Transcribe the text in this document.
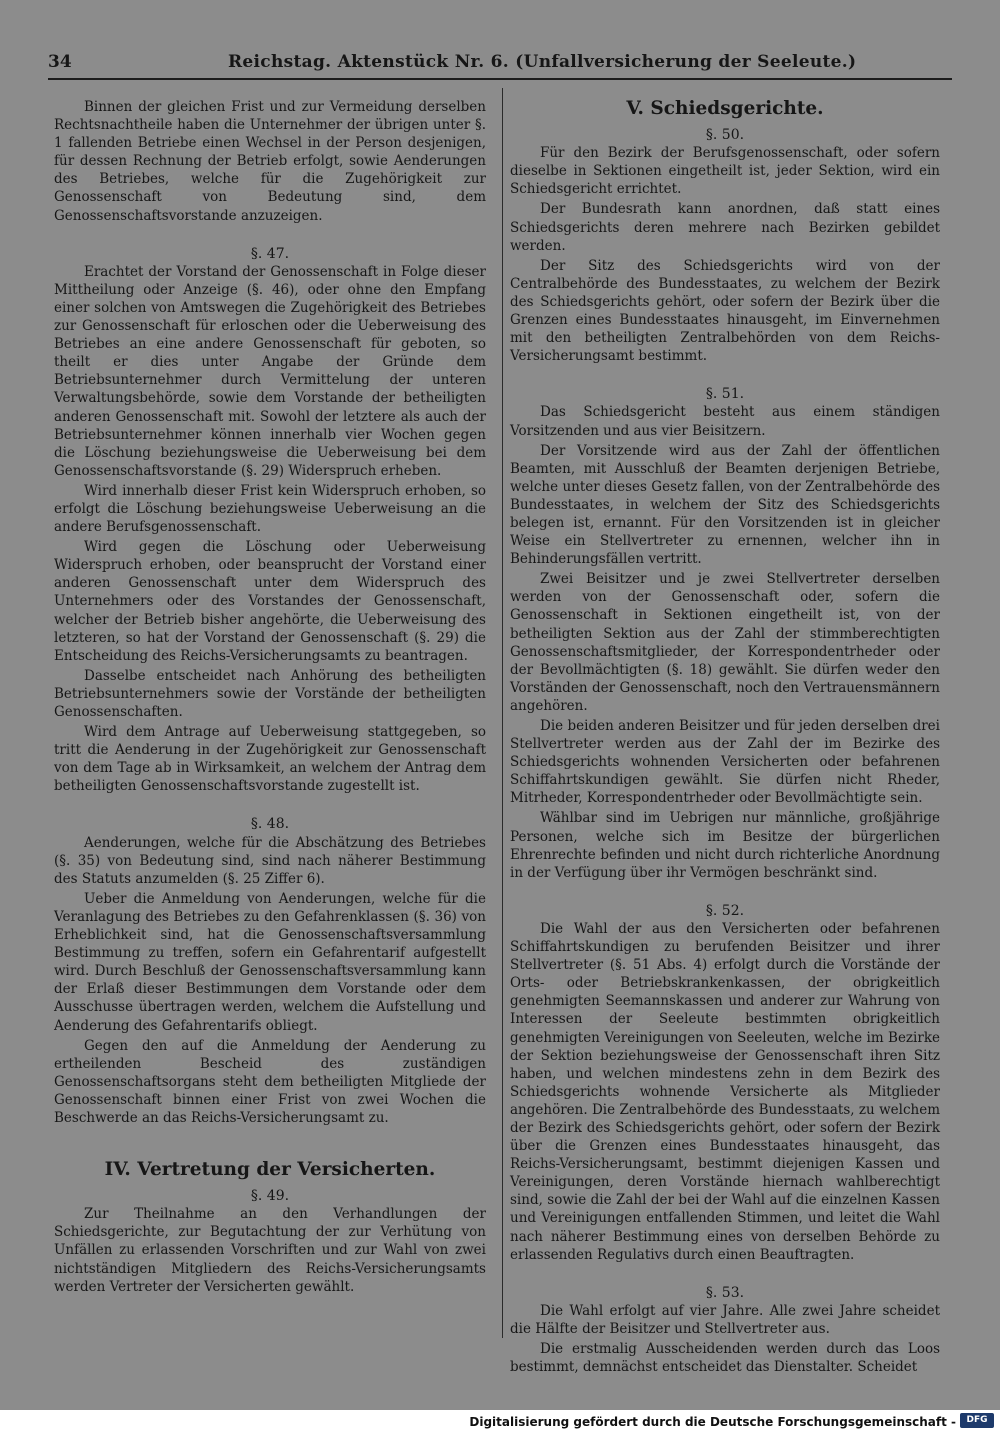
34	Reichstag. Aktenstück Nr. 6. (Unfallversicherung der Seeleute.)

Binnen der gleichen Frist und zur Vermeidung derselben Rechtsnachtheile haben die Unternehmer der übrigen unter §. 1 fallenden Betriebe einen Wechsel in der Person desjenigen, für dessen Rechnung der Betrieb erfolgt, sowie Aenderungen des Betriebes, welche für die Zugehörigkeit zur Genossenschaft von Bedeutung sind, dem Genossenschaftsvorstande anzuzeigen.

§. 47.

Erachtet der Vorstand der Genossenschaft in Folge dieser Mittheilung oder Anzeige (§. 46), oder ohne den Empfang einer solchen von Amtswegen die Zugehörigkeit des Betriebes zur Genossenschaft für erloschen oder die Ueberweisung des Betriebes an eine andere Genossenschaft für geboten, so theilt er dies unter Angabe der Gründe dem Betriebsunternehmer durch Vermittelung der unteren Verwaltungsbehörde, sowie dem Vorstande der betheiligten anderen Genossenschaft mit. Sowohl der letztere als auch der Betriebsunternehmer können innerhalb vier Wochen gegen die Löschung beziehungsweise die Ueberweisung bei dem Genossenschaftsvorstande (§. 29) Widerspruch erheben.

Wird innerhalb dieser Frist kein Widerspruch erhoben, so erfolgt die Löschung beziehungsweise Ueberweisung an die andere Berufsgenossenschaft.

Wird gegen die Löschung oder Ueberweisung Widerspruch erhoben, oder beansprucht der Vorstand einer anderen Genossenschaft unter dem Widerspruch des Unternehmers oder des Vorstandes der Genossenschaft, welcher der Betrieb bisher angehörte, die Ueberweisung des letzteren, so hat der Vorstand der Genossenschaft (§. 29) die Entscheidung des Reichs-Versicherungsamts zu beantragen.

Dasselbe entscheidet nach Anhörung des betheiligten Betriebsunternehmers sowie der Vorstände der betheiligten Genossenschaften.

Wird dem Antrage auf Ueberweisung stattgegeben, so tritt die Aenderung in der Zugehörigkeit zur Genossenschaft von dem Tage ab in Wirksamkeit, an welchem der Antrag dem betheiligten Genossenschaftsvorstande zugestellt ist.

§. 48.

Aenderungen, welche für die Abschätzung des Betriebes (§. 35) von Bedeutung sind, sind nach näherer Bestimmung des Statuts anzumelden (§. 25 Ziffer 6).

Ueber die Anmeldung von Aenderungen, welche für die Veranlagung des Betriebes zu den Gefahrenklassen (§. 36) von Erheblichkeit sind, hat die Genossenschaftsversammlung Bestimmung zu treffen, sofern ein Gefahrentarif aufgestellt wird. Durch Beschluß der Genossenschaftsversammlung kann der Erlaß dieser Bestimmungen dem Vorstande oder dem Ausschusse übertragen werden, welchem die Aufstellung und Aenderung des Gefahrentarifs obliegt.

Gegen den auf die Anmeldung der Aenderung zu ertheilenden Bescheid des zuständigen Genossenschaftsorgans steht dem betheiligten Mitgliede der Genossenschaft binnen einer Frist von zwei Wochen die Beschwerde an das Reichs-Versicherungsamt zu.

IV. Vertretung der Versicherten.
§. 49.

Zur Theilnahme an den Verhandlungen der Schiedsgerichte, zur Begutachtung der zur Verhütung von Unfällen zu erlassenden Vorschriften und zur Wahl von zwei nichtständigen Mitgliedern des Reichs-Versicherungsamts werden Vertreter der Versicherten gewählt.

V. Schiedsgerichte.
§. 50.

Für den Bezirk der Berufsgenossenschaft, oder sofern dieselbe in Sektionen eingetheilt ist, jeder Sektion, wird ein Schiedsgericht errichtet.

Der Bundesrath kann anordnen, daß statt eines Schiedsgerichts deren mehrere nach Bezirken gebildet werden.

Der Sitz des Schiedsgerichts wird von der Centralbehörde des Bundesstaates, zu welchem der Bezirk des Schiedsgerichts gehört, oder sofern der Bezirk über die Grenzen eines Bundesstaates hinausgeht, im Einvernehmen mit den betheiligten Zentralbehörden von dem Reichs-Versicherungsamt bestimmt.

§. 51.

Das Schiedsgericht besteht aus einem ständigen Vorsitzenden und aus vier Beisitzern.

Der Vorsitzende wird aus der Zahl der öffentlichen Beamten, mit Ausschluß der Beamten derjenigen Betriebe, welche unter dieses Gesetz fallen, von der Zentralbehörde des Bundesstaates, in welchem der Sitz des Schiedsgerichts belegen ist, ernannt. Für den Vorsitzenden ist in gleicher Weise ein Stellvertreter zu ernennen, welcher ihn in Behinderungsfällen vertritt.

Zwei Beisitzer und je zwei Stellvertreter derselben werden von der Genossenschaft oder, sofern die Genossenschaft in Sektionen eingetheilt ist, von der betheiligten Sektion aus der Zahl der stimmberechtigten Genossenschaftsmitglieder, der Korrespondentrheder oder der Bevollmächtigten (§. 18) gewählt. Sie dürfen weder den Vorständen der Genossenschaft, noch den Vertrauensmännern angehören.

Die beiden anderen Beisitzer und für jeden derselben drei Stellvertreter werden aus der Zahl der im Bezirke des Schiedsgerichts wohnenden Versicherten oder befahrenen Schiffahrtskundigen gewählt. Sie dürfen nicht Rheder, Mitrheder, Korrespondentrheder oder Bevollmächtigte sein.

Wählbar sind im Uebrigen nur männliche, großjährige Personen, welche sich im Besitze der bürgerlichen Ehrenrechte befinden und nicht durch richterliche Anordnung in der Verfügung über ihr Vermögen beschränkt sind.

§. 52.

Die Wahl der aus den Versicherten oder befahrenen Schiffahrtskundigen zu berufenden Beisitzer und ihrer Stellvertreter (§. 51 Abs. 4) erfolgt durch die Vorstände der Orts- oder Betriebskrankenkassen, der obrigkeitlich genehmigten Seemannskassen und anderer zur Wahrung von Interessen der Seeleute bestimmten obrigkeitlich genehmigten Vereinigungen von Seeleuten, welche im Bezirke der Sektion beziehungsweise der Genossenschaft ihren Sitz haben, und welchen mindestens zehn in dem Bezirk des Schiedsgerichts wohnende Versicherte als Mitglieder angehören. Die Zentralbehörde des Bundesstaats, zu welchem der Bezirk des Schiedsgerichts gehört, oder sofern der Bezirk über die Grenzen eines Bundesstaates hinausgeht, das Reichs-Versicherungsamt, bestimmt diejenigen Kassen und Vereinigungen, deren Vorstände hiernach wahlberechtigt sind, sowie die Zahl der bei der Wahl auf die einzelnen Kassen und Vereinigungen entfallenden Stimmen, und leitet die Wahl nach näherer Bestimmung eines von derselben Behörde zu erlassenden Regulativs durch einen Beauftragten.

§. 53.

Die Wahl erfolgt auf vier Jahre. Alle zwei Jahre scheidet die Hälfte der Beisitzer und Stellvertreter aus.

Die erstmalig Ausscheidenden werden durch das Loos bestimmt, demnächst entscheidet das Dienstalter. Scheidet

Digitalisierung gefördert durch die Deutsche Forschungsgemeinschaft -	DFG
